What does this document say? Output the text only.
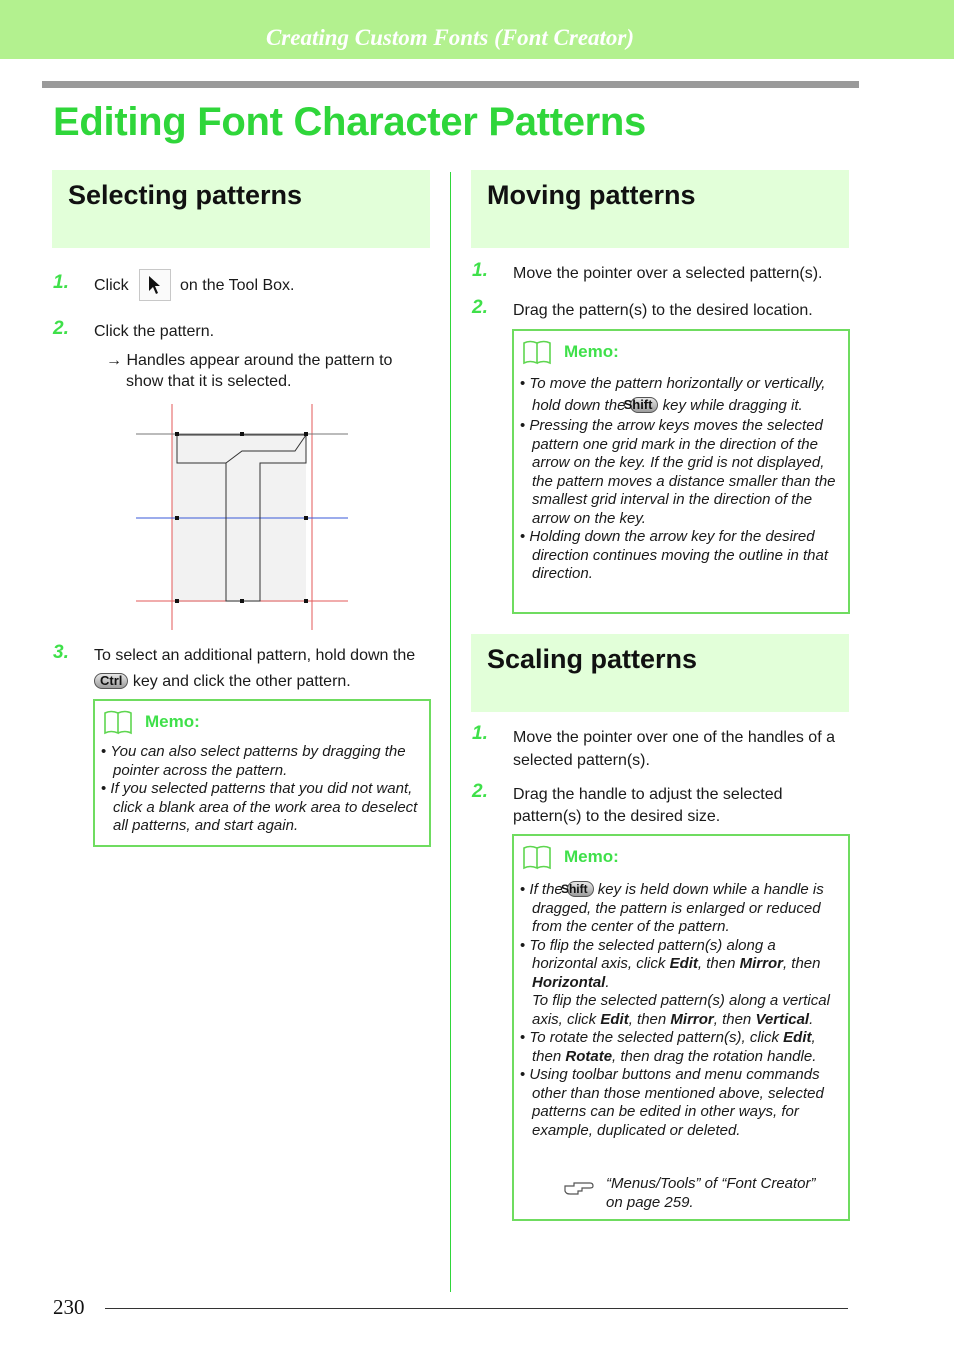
Creating Custom Fonts (Font Creator)
Editing Font Character Patterns
Selecting patterns
1. Click	on the Tool Box.
2. Click the pattern.
→ Handles appear around the pattern to show that it is selected.
3. To select an additional pattern, hold down the
Ctrl key and click the other pattern.
Memo:
• You can also select patterns by dragging the pointer across the pattern.
• If you selected patterns that you did not want, click a blank area of the work area to deselect all patterns, and start again.
Moving patterns
1. Move the pointer over a selected pattern(s).
2. Drag the pattern(s) to the desired location.
Memo:
• To move the pattern horizontally or vertically, hold down the Shift key while dragging it.
• Pressing the arrow keys moves the selected pattern one grid mark in the direction of the arrow on the key. If the grid is not displayed, the pattern moves a distance smaller than the smallest grid interval in the direction of the arrow on the key.
• Holding down the arrow key for the desired direction continues moving the outline in that direction.
Scaling patterns
1. Move the pointer over one of the handles of a selected pattern(s).
2. Drag the handle to adjust the selected pattern(s) to the desired size.
Memo:
• If the Shift key is held down while a handle is dragged, the pattern is enlarged or reduced from the center of the pattern.
• To flip the selected pattern(s) along a horizontal axis, click Edit, then Mirror, then Horizontal.
To flip the selected pattern(s) along a vertical axis, click Edit, then Mirror, then Vertical.
• To rotate the selected pattern(s), click Edit, then Rotate, then drag the rotation handle.
• Using toolbar buttons and menu commands other than those mentioned above, selected patterns can be edited in other ways, for example, duplicated or deleted.
“Menus/Tools” of “Font Creator” on page 259.
230
